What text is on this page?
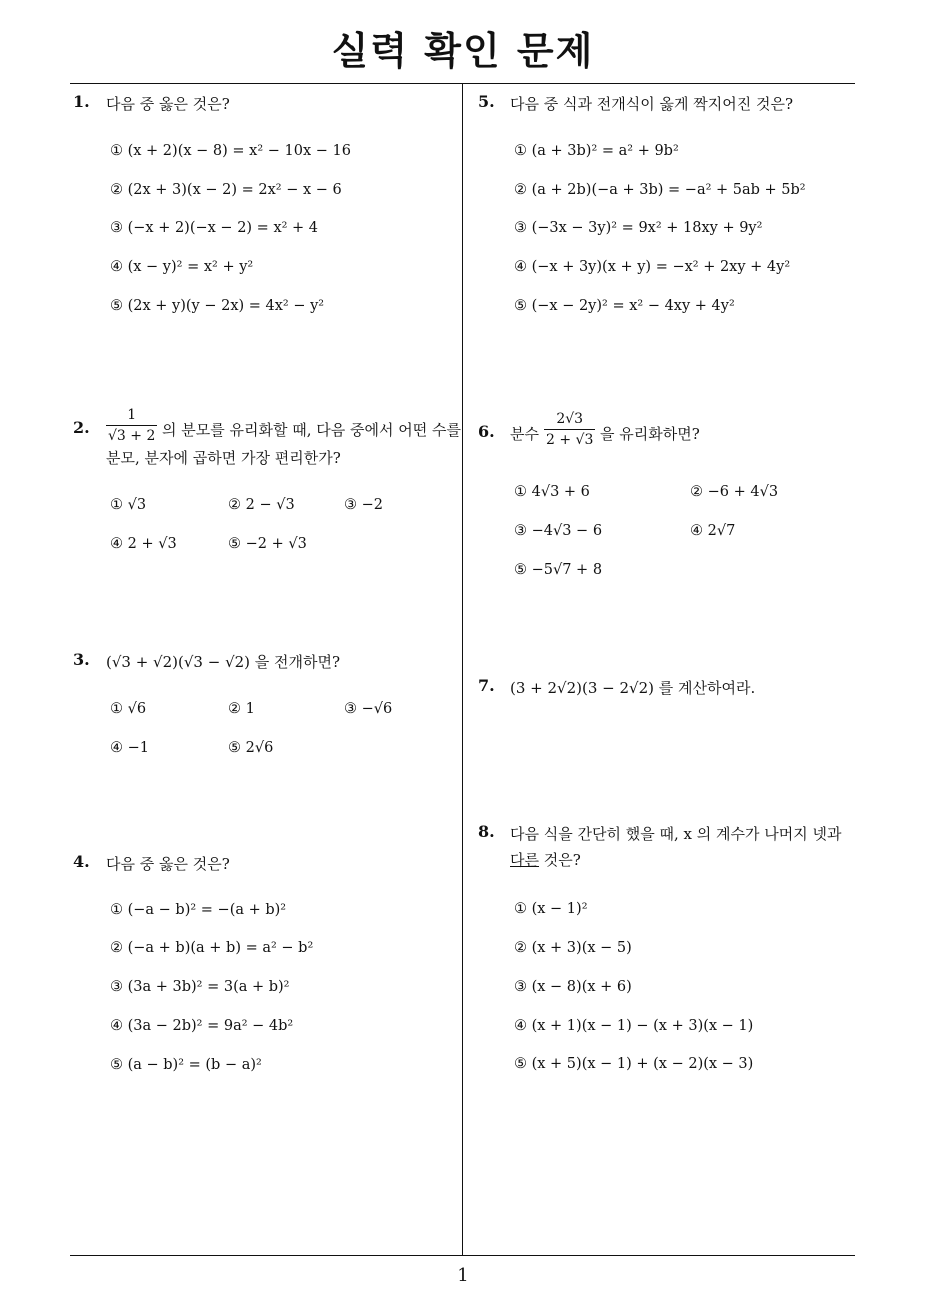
실력 확인 문제
1
1. 다음 중 옳은 것은?
① (x + 2)(x − 8) = x² − 10x − 16
② (2x + 3)(x − 2) = 2x² − x − 6
③ (−x + 2)(−x − 2) = x² + 4
④ (x − y)² = x² + y²
⑤ (2x + y)(y − 2x) = 4x² − y²
2. $\frac{1}{√3 + 2}$ 의 분모를 유리화할 때, 다음 중에서 어떤 수를
분모, 분자에 곱하면 가장 편리한가?
① √3	② 2 − √3	③ −2
④ 2 + √3	⑤ −2 + √3
3. (√3 + √2)(√3 − √2) 을 전개하면?
① √6	② 1	③ −√6
④ −1	⑤ 2√6
4. 다음 중 옳은 것은?
① (−a − b)² = −(a + b)²
② (−a + b)(a + b) = a² − b²
③ (3a + 3b)² = 3(a + b)²
④ (3a − 2b)² = 9a² − 4b²
⑤ (a − b)² = (b − a)²
5. 다음 중 식과 전개식이 옳게 짝지어진 것은?
① (a + 3b)² = a² + 9b²
② (a + 2b)(−a + 3b) = −a² + 5ab + 5b²
③ (−3x − 3y)² = 9x² + 18xy + 9y²
④ (−x + 3y)(x + y) = −x² + 2xy + 4y²
⑤ (−x − 2y)² = x² − 4xy + 4y²
6. 분수 $\frac{2√3}{2 + √3}$ 을 유리화하면?
① 4√3 + 6	② −6 + 4√3
③ −4√3 − 6	④ 2√7
⑤ −5√7 + 8
7. (3 + 2√2)(3 − 2√2) 를 계산하여라.
8. 다음 식을 간단히 했을 때, x 의 계수가 나머지 넷과
다른 것은?
① (x − 1)²
② (x + 3)(x − 5)
③ (x − 8)(x + 6)
④ (x + 1)(x − 1) − (x + 3)(x − 1)
⑤ (x + 5)(x − 1) + (x − 2)(x − 3)
